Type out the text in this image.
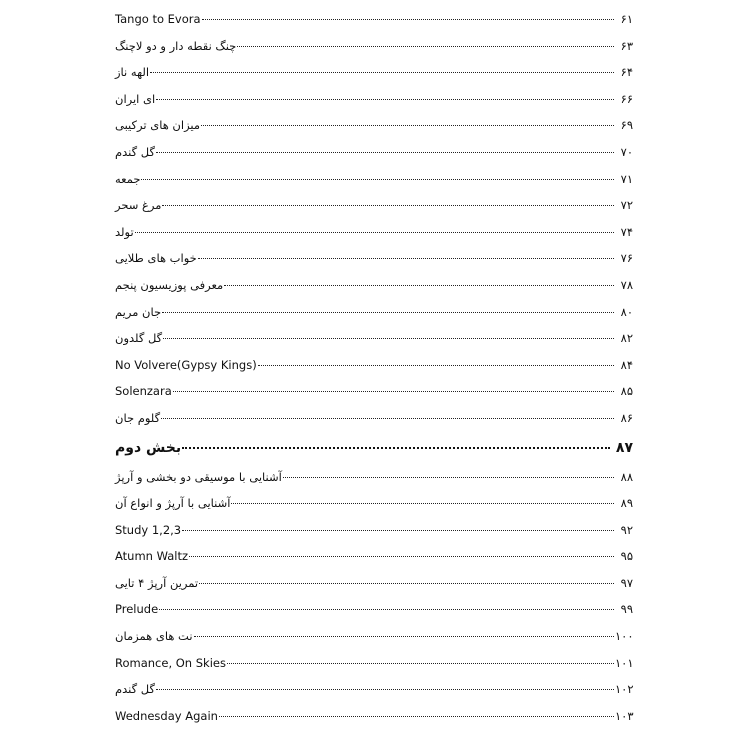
Tango to Evora	۶۱
چنگ نقطه دار و دو لاچنگ	۶۳
الهه ناز	۶۴
ای ایران	۶۶
میزان های ترکیبی	۶۹
گل گندم	۷۰
جمعه	۷۱
مرغ سحر	۷۲
تولد	۷۴
خواب های طلایی	۷۶
معرفی پوزیسیون پنجم	۷۸
جان مریم	۸۰
گل گلدون	۸۲
No Volvere(Gypsy Kings)	۸۴
Solenzara	۸۵
گلوم جان	۸۶
بخش دوم	۸۷
آشنایی با موسیقی دو بخشی و آرپژ	۸۸
آشنایی با آرپژ و انواع آن	۸۹
Study 1,2,3	۹۲
Atumn Waltz	۹۵
تمرین آرپژ ۴ تایی	۹۷
Prelude	۹۹
نت های همزمان	۱۰۰
Romance, On Skies	۱۰۱
گل گندم	۱۰۲
Wednesday Again	۱۰۳
